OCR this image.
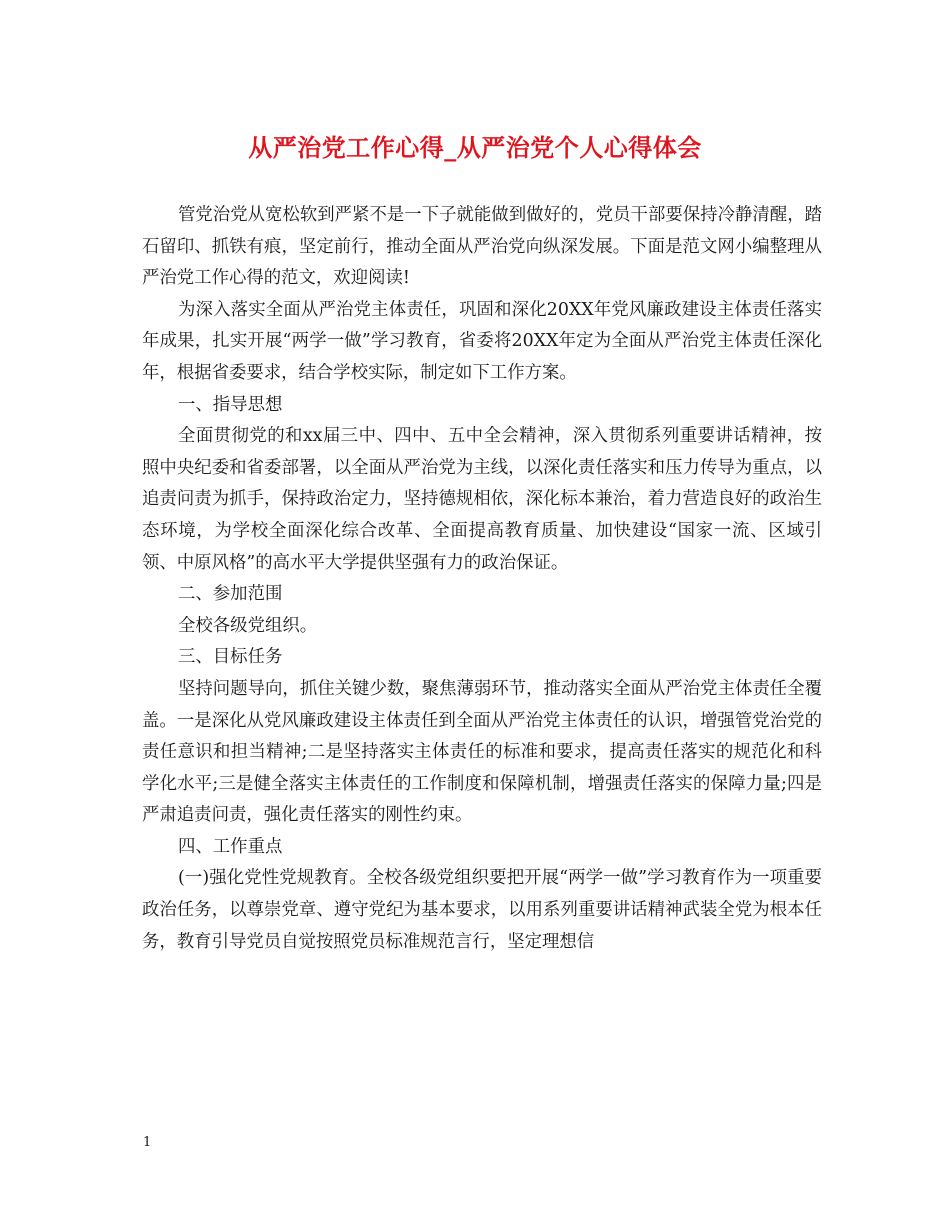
从严治党工作心得_从严治党个人心得体会

管党治党从宽松软到严紧不是一下子就能做到做好的，党员干部要保持冷静清醒，踏石留印、抓铁有痕，坚定前行，推动全面从严治党向纵深发展。下面是范文网小编整理从严治党工作心得的范文，欢迎阅读!

为深入落实全面从严治党主体责任，巩固和深化20XX年党风廉政建设主体责任落实年成果，扎实开展“两学一做”学习教育，省委将20XX年定为全面从严治党主体责任深化年，根据省委要求，结合学校实际，制定如下工作方案。

一、指导思想

全面贯彻党的和xx届三中、四中、五中全会精神，深入贯彻系列重要讲话精神，按照中央纪委和省委部署，以全面从严治党为主线，以深化责任落实和压力传导为重点，以追责问责为抓手，保持政治定力，坚持德规相依，深化标本兼治，着力营造良好的政治生态环境，为学校全面深化综合改革、全面提高教育质量、加快建设“国家一流、区域引领、中原风格”的高水平大学提供坚强有力的政治保证。

二、参加范围

全校各级党组织。

三、目标任务

坚持问题导向，抓住关键少数，聚焦薄弱环节，推动落实全面从严治党主体责任全覆盖。一是深化从党风廉政建设主体责任到全面从严治党主体责任的认识，增强管党治党的责任意识和担当精神;二是坚持落实主体责任的标准和要求，提高责任落实的规范化和科学化水平;三是健全落实主体责任的工作制度和保障机制，增强责任落实的保障力量;四是严肃追责问责，强化责任落实的刚性约束。

四、工作重点

(一)强化党性党规教育。全校各级党组织要把开展“两学一做”学习教育作为一项重要政治任务，以尊崇党章、遵守党纪为基本要求，以用系列重要讲话精神武装全党为根本任务，教育引导党员自觉按照党员标准规范言行，坚定理想信

1
